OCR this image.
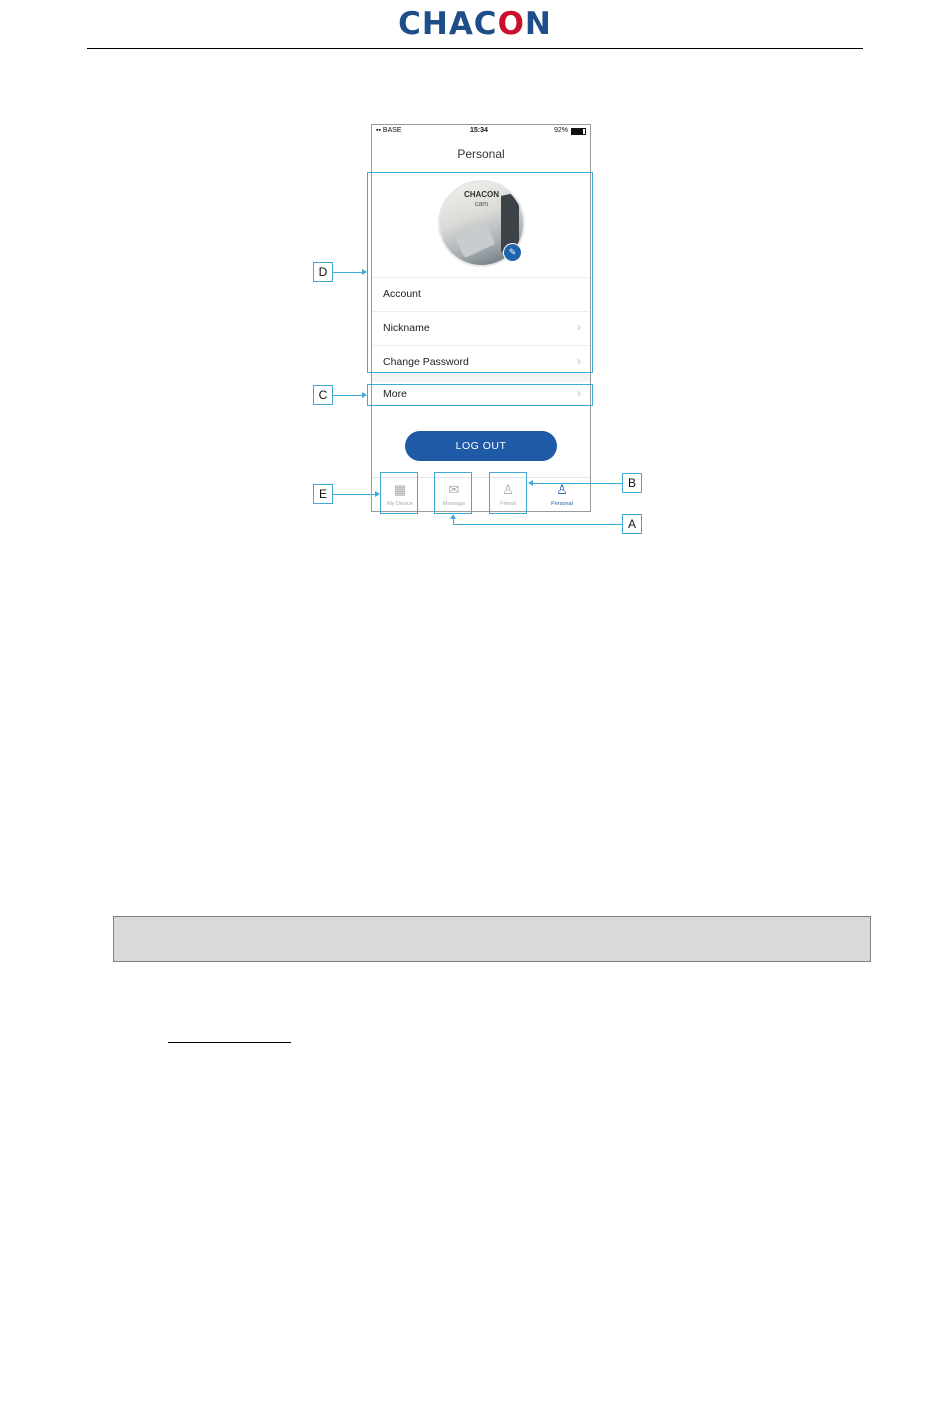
CHACON
▪▪ BASE	15:34	92%
Personal
CHACON
cam
✎
Account
Nickname	›
Change Password	›
More	›
LOG OUT
▦
My Device
✉
Message
♙
Friend
♙
Personal
D
C
E
B
A
